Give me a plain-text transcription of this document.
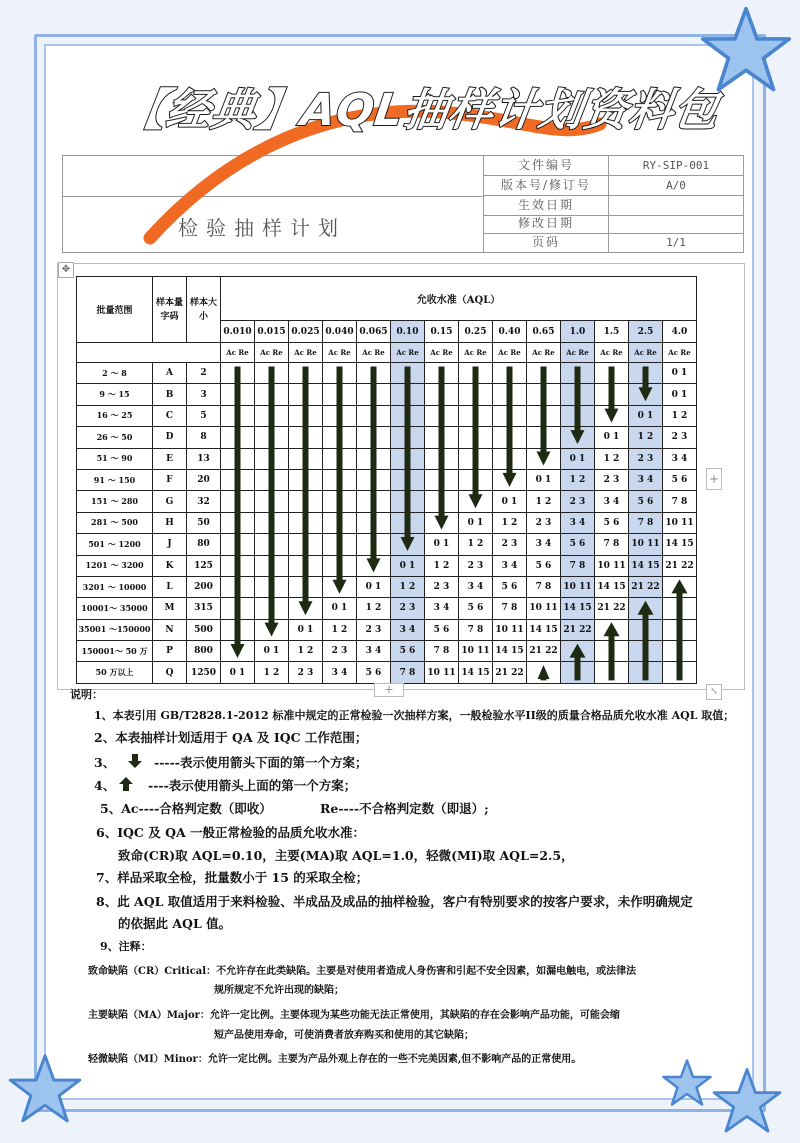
检验抽样计划
文件编号	RY-SIP-001
版本号/修订号	A/0
生效日期
修改日期
页码	1/1
【经典】AQL抽样计划资料包
✥
批量范围	样本量字码	样本大小	允收水准（AQL）													
			0.010	0.015	0.025	0.040	0.065	0.10	0.15	0.25	0.40	0.65	1.0	1.5	2.5	4.0
			Ac Re	Ac Re	Ac Re	Ac Re	Ac Re	Ac Re	Ac Re	Ac Re	Ac Re	Ac Re	Ac Re	Ac Re	Ac Re	Ac Re
2 ～ 8	A	2														0 1
9 ～ 15	B	3														0 1
16 ～ 25	C	5													0 1	1 2
26 ～ 50	D	8												0 1	1 2	2 3
51 ～ 90	E	13											0 1	1 2	2 3	3 4
91 ～ 150	F	20										0 1	1 2	2 3	3 4	5 6
151 ～ 280	G	32									0 1	1 2	2 3	3 4	5 6	7 8
281 ～ 500	H	50								0 1	1 2	2 3	3 4	5 6	7 8	10 11
501 ～ 1200	J	80							0 1	1 2	2 3	3 4	5 6	7 8	10 11	14 15
1201 ～ 3200	K	125						0 1	1 2	2 3	3 4	5 6	7 8	10 11	14 15	21 22
3201 ～ 10000	L	200					0 1	1 2	2 3	3 4	5 6	7 8	10 11	14 15	21 22	
10001～ 35000	M	315				0 1	1 2	2 3	3 4	5 6	7 8	10 11	14 15	21 22		
35001 ～150000	N	500			0 1	1 2	2 3	3 4	5 6	7 8	10 11	14 15	21 22			
150001～ 50 万	P	800		0 1	1 2	2 3	3 4	5 6	7 8	10 11	14 15	21 22				
50 万以上	Q	1250	0 1	1 2	2 3	3 4	5 6	7 8	10 11	14 15	21 22					
+
+	⤡
说明：
1、本表引用 GB/T2828.1-2012 标准中规定的正常检验一次抽样方案，一般检验水平II级的质量合格品质允收水准 AQL 取值；
2、本表抽样计划适用于 QA 及 IQC 工作范围；
3、	-----表示使用箭头下面的第一个方案；
4、	----表示使用箭头上面的第一个方案；
5、Ac----合格判定数（即收）	Re----不合格判定数（即退）;
6、IQC 及 QA 一般正常检验的品质允收水准：
致命(CR)取 AQL=0.10，主要(MA)取 AQL=1.0，轻微(MI)取 AQL=2.5，
7、样品采取全检，批量数小于 15 的采取全检；
8、此 AQL 取值适用于来料检验、半成品及成品的抽样检验，客户有特别要求的按客户要求，未作明确规定
的依据此 AQL 值。
9、注释：
致命缺陷（CR）Critical：不允许存在此类缺陷。主要是对使用者造成人身伤害和引起不安全因素，如漏电触电，或法律法
规所规定不允许出现的缺陷；
主要缺陷（MA）Major：允许一定比例。主要体现为某些功能无法正常使用，其缺陷的存在会影响产品功能，可能会缩
短产品使用寿命，可使消费者放弃购买和使用的其它缺陷；
轻微缺陷（MI）Minor：允许一定比例。主要为产品外观上存在的一些不完美因素,但不影响产品的正常使用。
